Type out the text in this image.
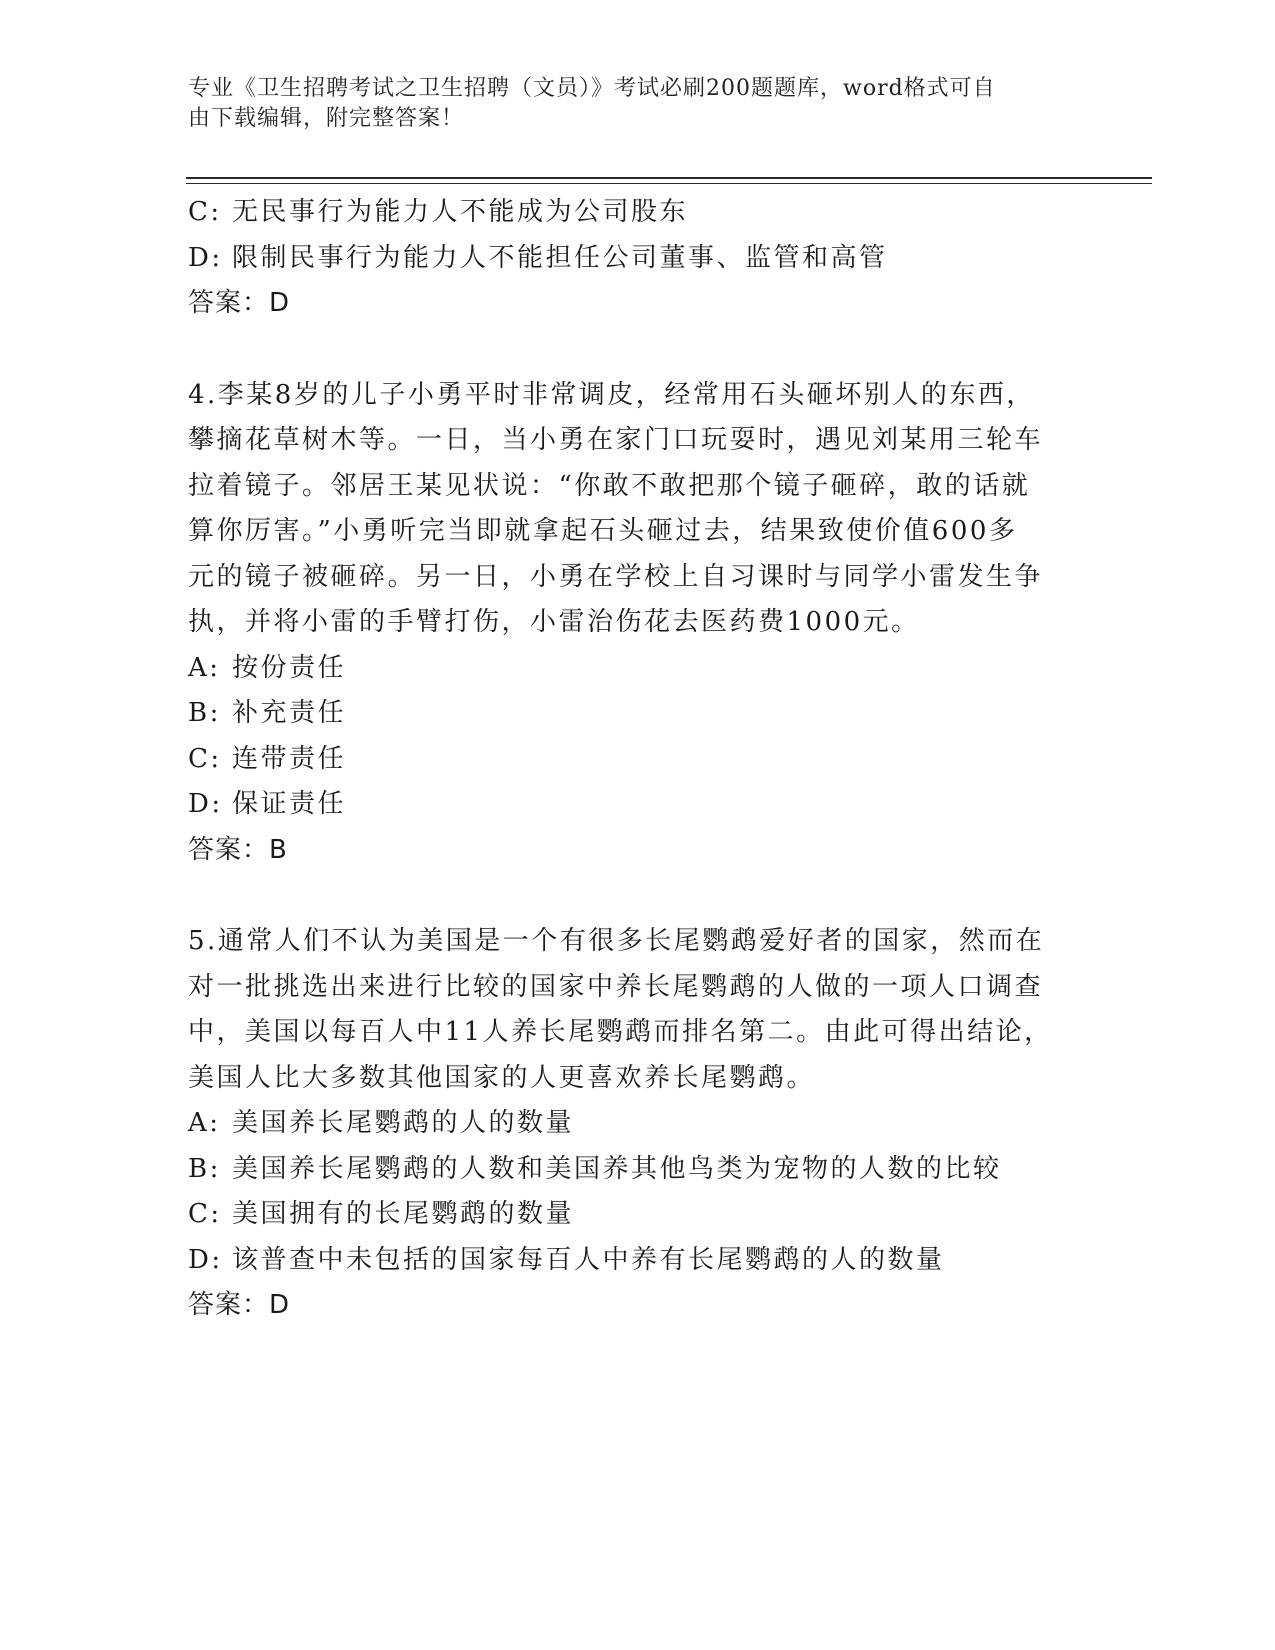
专业《卫生招聘考试之卫生招聘（文员）》考试必刷200题题库，word格式可自
由下载编辑，附完整答案！
C: 无民事行为能力人不能成为公司股东
D: 限制民事行为能力人不能担任公司董事、监管和高管
答案：D
4.李某8岁的儿子小勇平时非常调皮，经常用石头砸坏别人的东西，
攀摘花草树木等。一日，当小勇在家门口玩耍时，遇见刘某用三轮车
拉着镜子。邻居王某见状说：“你敢不敢把那个镜子砸碎，敢的话就
算你厉害。”小勇听完当即就拿起石头砸过去，结果致使价值600多
元的镜子被砸碎。另一日，小勇在学校上自习课时与同学小雷发生争
执，并将小雷的手臂打伤，小雷治伤花去医药费1000元。
A: 按份责任
B: 补充责任
C: 连带责任
D: 保证责任
答案：B
5.通常人们不认为美国是一个有很多长尾鹦鹉爱好者的国家，然而在
对一批挑选出来进行比较的国家中养长尾鹦鹉的人做的一项人口调查
中，美国以每百人中11人养长尾鹦鹉而排名第二。由此可得出结论，
美国人比大多数其他国家的人更喜欢养长尾鹦鹉。
A: 美国养长尾鹦鹉的人的数量
B: 美国养长尾鹦鹉的人数和美国养其他鸟类为宠物的人数的比较
C: 美国拥有的长尾鹦鹉的数量
D: 该普查中未包括的国家每百人中养有长尾鹦鹉的人的数量
答案：D
